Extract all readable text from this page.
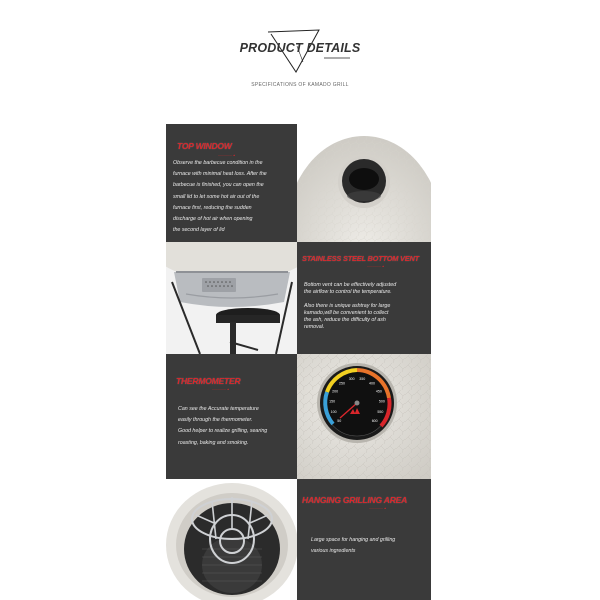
PRODUCT DETAILS
SPECIFICATIONS OF KAMADO GRILL
TOP WINDOW
————— ▲
Observe the barbecue condition in the
furnace with minimal heat loss. After the
barbecue is finished, you can open the
small lid to let some hot air out of the
furnace first, reducing the sudden
discharge of hot air when opening
the second layer of lid
STAINLESS STEEL BOTTOM VENT
————— ▲
Bottom vent can be effectively adjusted
the airflow to control the temperature.
Also there is unique ashtray for large
kamado,will be convenient to collect
the ash, reduce the difficulty of ash
removal.
THERMOMETER
————— ▲
Can see the Accurate temperature
easily through the thermometer.
Good helper to realize grilling, searing
roasting, baking and smoking.
50
100
150
200
250
300 350
400
450
500
550
600
HANGING GRILLING AREA
————— ▲
Large space for hanging and grilling
various ingredients
